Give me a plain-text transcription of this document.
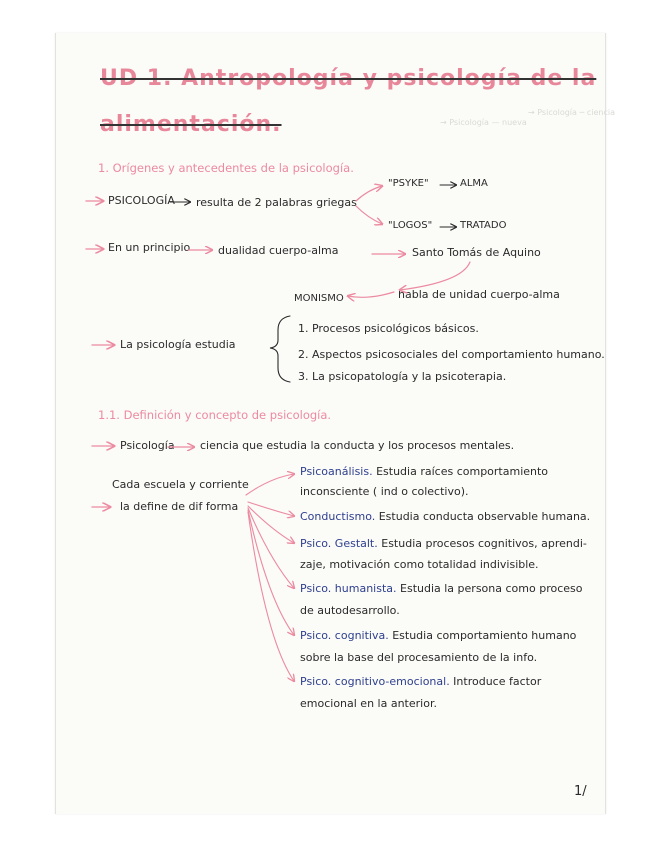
→ Psicología ─ ciencia
→ Psicología — nueva
UD 1. Antropología y psicología de la
alimentación.
1. Orígenes y antecedentes de la psicología.
PSICOLOGÍA resulta de 2 palabras griegas
"PSYKE"	ALMA
"LOGOS"	TRATADO
En un principio	dualidad cuerpo-alma	Santo Tomás de Aquino
MONISMO	habla de unidad cuerpo-alma
La psicología estudia
1. Procesos psicológicos básicos.
2. Aspectos psicosociales del comportamiento humano.
3. La psicopatología y la psicoterapia.
1.1. Definición y concepto de psicología.
Psicología ciencia que estudia la conducta y los procesos mentales.
Cada escuela y corriente
la define de dif forma
Psicoanálisis. Estudia raíces comportamiento
inconsciente ( ind o colectivo).
Conductismo. Estudia conducta observable humana.
Psico. Gestalt. Estudia procesos cognitivos, aprendi-
zaje, motivación como totalidad indivisible.
Psico. humanista. Estudia la persona como proceso
de autodesarrollo.
Psico. cognitiva. Estudia comportamiento humano
sobre la base del procesamiento de la info.
Psico. cognitivo-emocional. Introduce factor
emocional en la anterior.
1/
